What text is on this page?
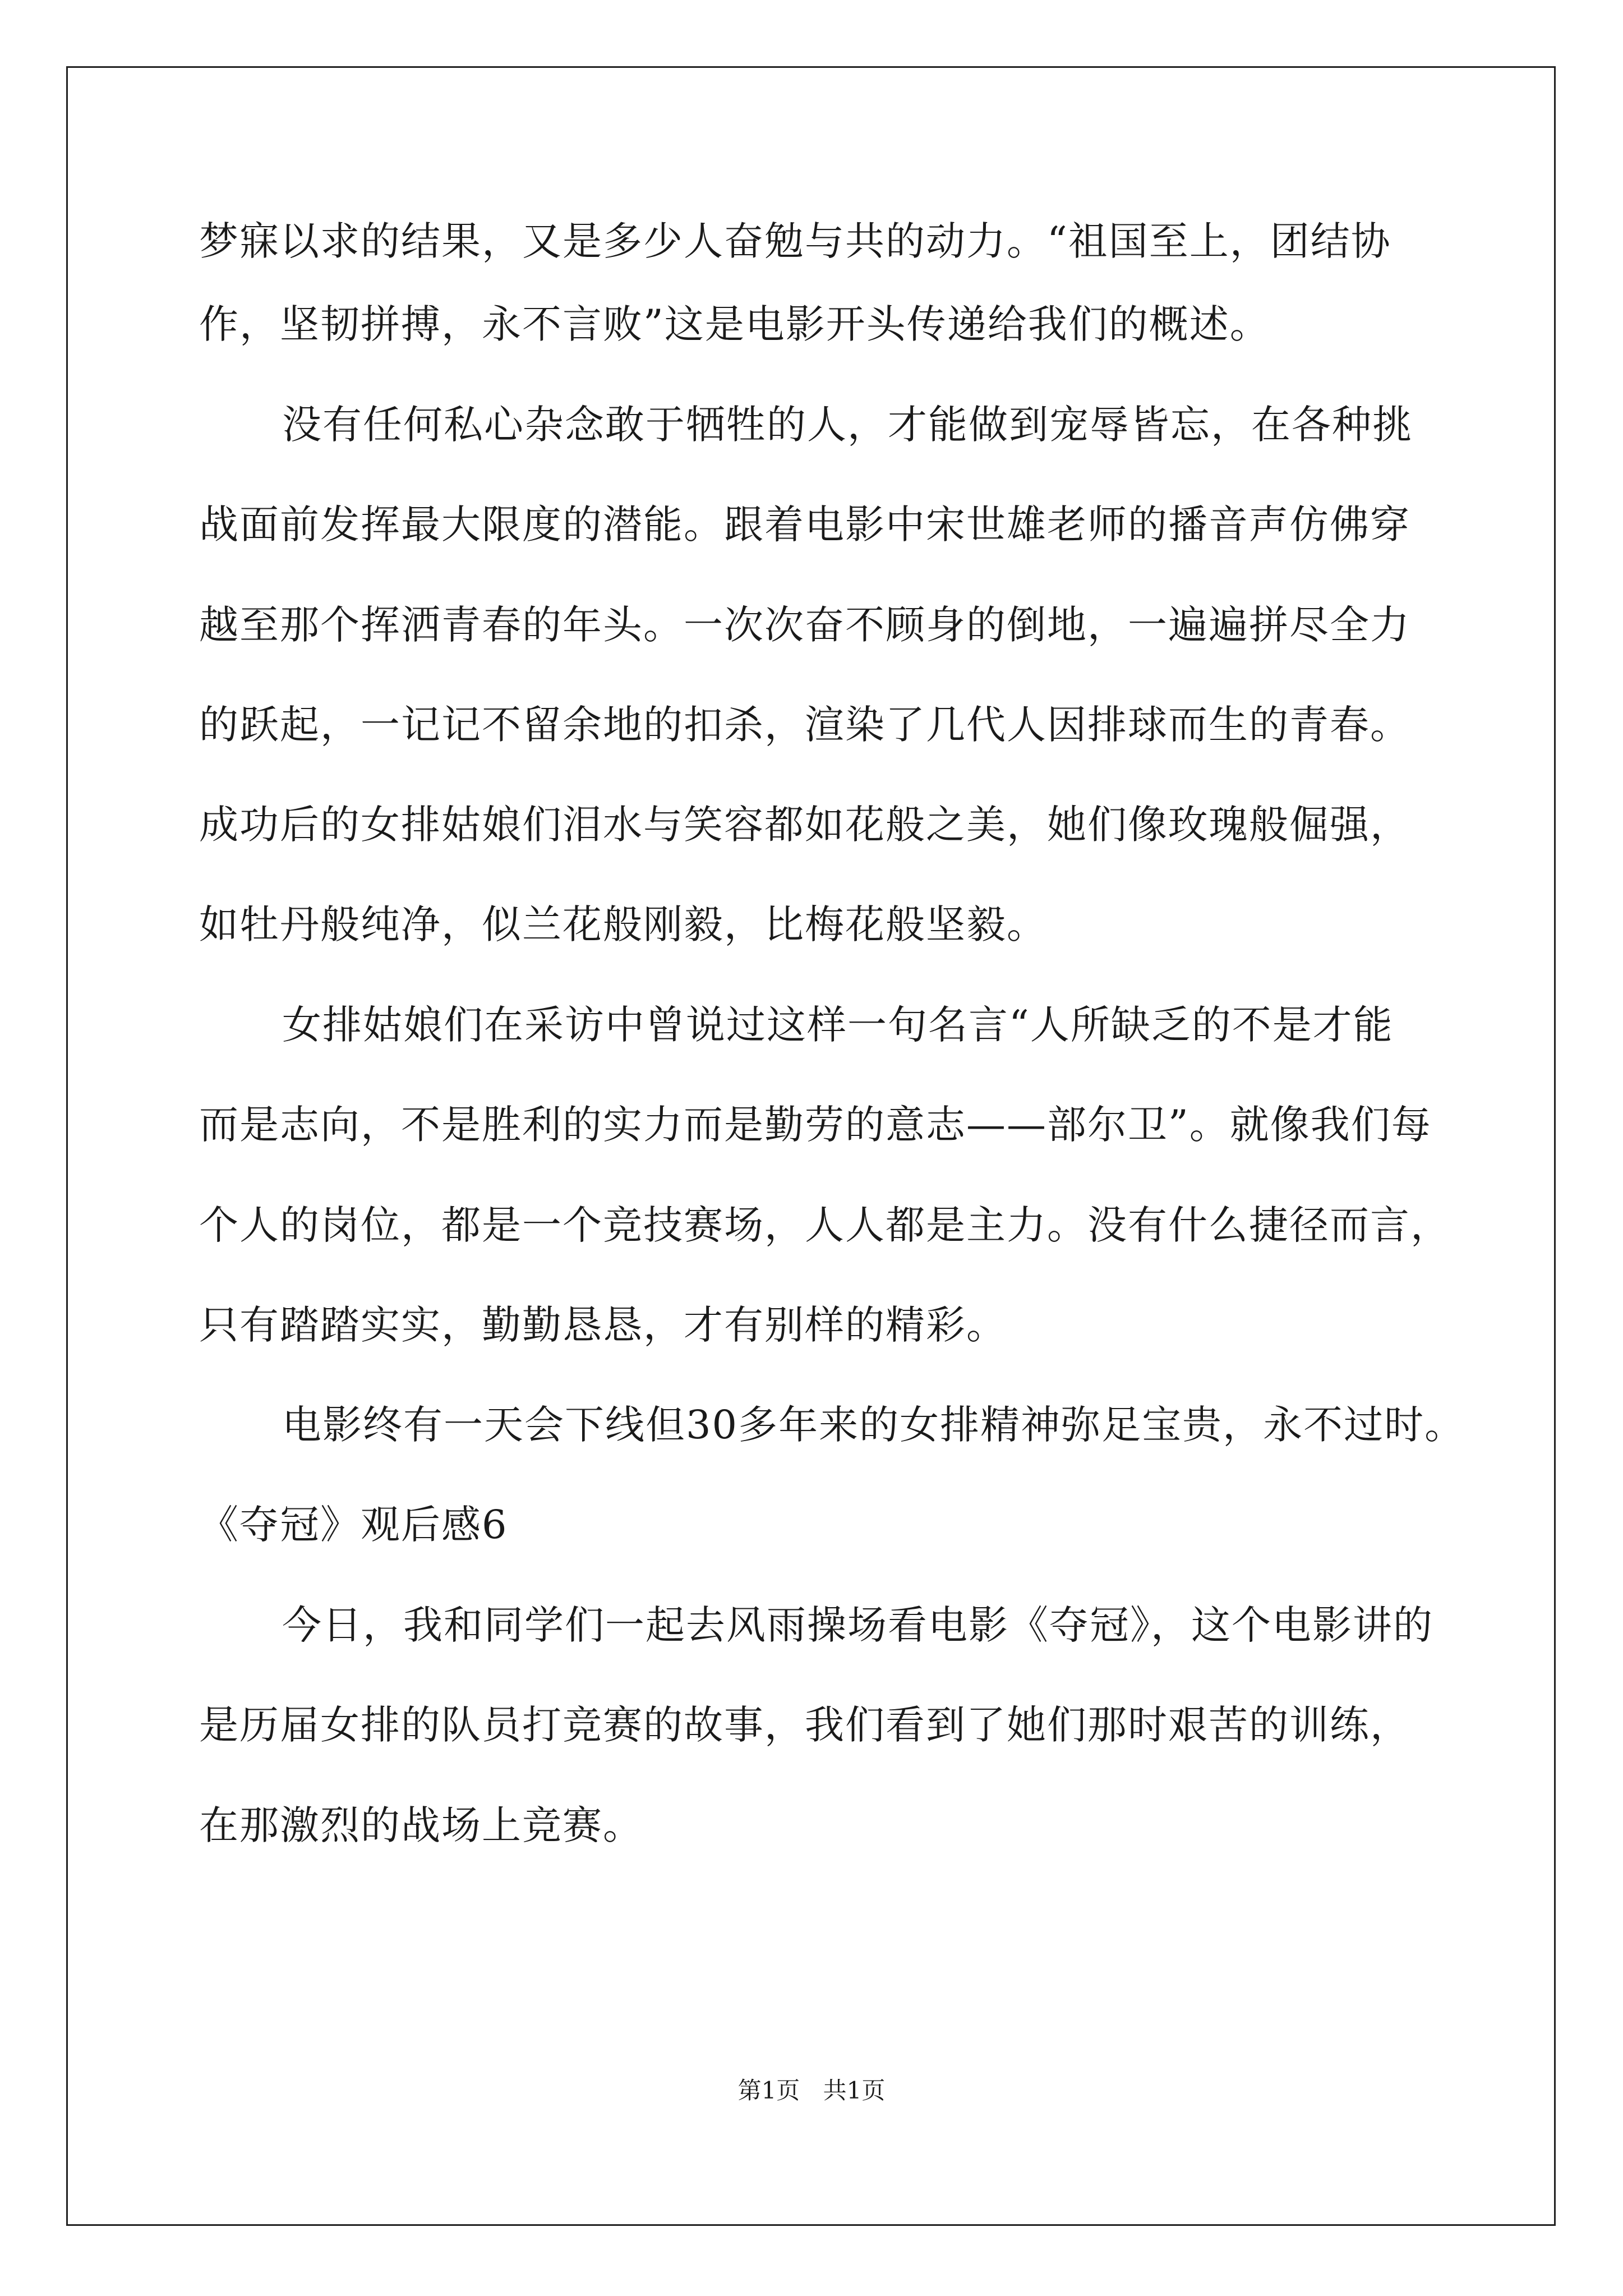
梦寐以求的结果，又是多少人奋勉与共的动力。“祖国至上，团结协
作，坚韧拼搏，永不言败”这是电影开头传递给我们的概述。
没有任何私心杂念敢于牺牲的人，才能做到宠辱皆忘，在各种挑
战面前发挥最大限度的潜能。跟着电影中宋世雄老师的播音声仿佛穿
越至那个挥洒青春的年头。一次次奋不顾身的倒地，一遍遍拼尽全力
的跃起，一记记不留余地的扣杀，渲染了几代人因排球而生的青春。
成功后的女排姑娘们泪水与笑容都如花般之美，她们像玫瑰般倔强，
如牡丹般纯净，似兰花般刚毅，比梅花般坚毅。
女排姑娘们在采访中曾说过这样一句名言“人所缺乏的不是才能
而是志向，不是胜利的实力而是勤劳的意志——部尔卫”。就像我们每
个人的岗位，都是一个竞技赛场，人人都是主力。没有什么捷径而言，
只有踏踏实实，勤勤恳恳，才有别样的精彩。
电影终有一天会下线但30多年来的女排精神弥足宝贵，永不过时。
《夺冠》观后感6
今日，我和同学们一起去风雨操场看电影《夺冠》，这个电影讲的
是历届女排的队员打竞赛的故事，我们看到了她们那时艰苦的训练，
在那激烈的战场上竞赛。
第1页 共1页
